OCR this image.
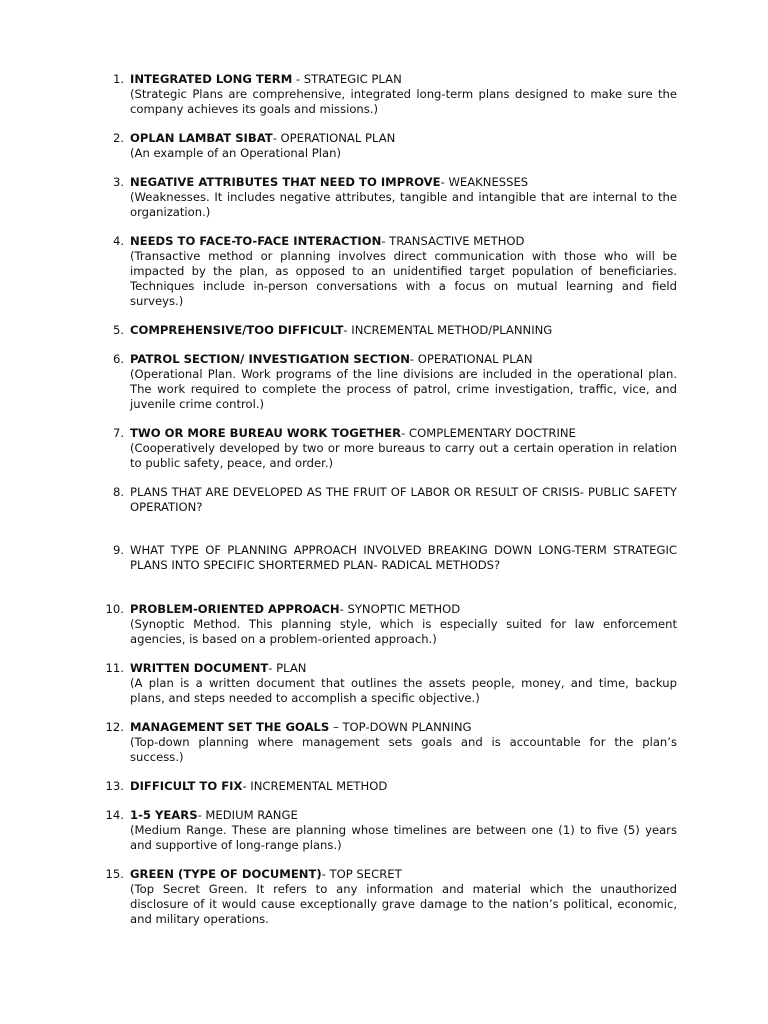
1. INTEGRATED LONG TERM - STRATEGIC PLAN
(Strategic Plans are comprehensive, integrated long-term plans designed to make sure the company achieves its goals and missions.)
2. OPLAN LAMBAT SIBAT- OPERATIONAL PLAN
(An example of an Operational Plan)
3. NEGATIVE ATTRIBUTES THAT NEED TO IMPROVE- WEAKNESSES
(Weaknesses. It includes negative attributes, tangible and intangible that are internal to the organization.)
4. NEEDS TO FACE-TO-FACE INTERACTION- TRANSACTIVE METHOD
(Transactive method or planning involves direct communication with those who will be impacted by the plan, as opposed to an unidentified target population of beneficiaries. Techniques include in-person conversations with a focus on mutual learning and field surveys.)
5. COMPREHENSIVE/TOO DIFFICULT- INCREMENTAL METHOD/PLANNING
6. PATROL SECTION/ INVESTIGATION SECTION- OPERATIONAL PLAN
(Operational Plan. Work programs of the line divisions are included in the operational plan. The work required to complete the process of patrol, crime investigation, traffic, vice, and juvenile crime control.)
7. TWO OR MORE BUREAU WORK TOGETHER- COMPLEMENTARY DOCTRINE
(Cooperatively developed by two or more bureaus to carry out a certain operation in relation to public safety, peace, and order.)
8. PLANS THAT ARE DEVELOPED AS THE FRUIT OF LABOR OR RESULT OF CRISIS- PUBLIC SAFETY OPERATION?
9. WHAT TYPE OF PLANNING APPROACH INVOLVED BREAKING DOWN LONG-TERM STRATEGIC PLANS INTO SPECIFIC SHORTERMED PLAN- RADICAL METHODS?
10. PROBLEM-ORIENTED APPROACH- SYNOPTIC METHOD
(Synoptic Method. This planning style, which is especially suited for law enforcement agencies, is based on a problem-oriented approach.)
11. WRITTEN DOCUMENT- PLAN
(A plan is a written document that outlines the assets people, money, and time, backup plans, and steps needed to accomplish a specific objective.)
12. MANAGEMENT SET THE GOALS – TOP-DOWN PLANNING
(Top-down planning where management sets goals and is accountable for the plan’s success.)
13. DIFFICULT TO FIX- INCREMENTAL METHOD
14. 1-5 YEARS- MEDIUM RANGE
(Medium Range. These are planning whose timelines are between one (1) to five (5) years and supportive of long-range plans.)
15. GREEN (TYPE OF DOCUMENT)- TOP SECRET
(Top Secret Green. It refers to any information and material which the unauthorized disclosure of it would cause exceptionally grave damage to the nation’s political, economic, and military operations.
